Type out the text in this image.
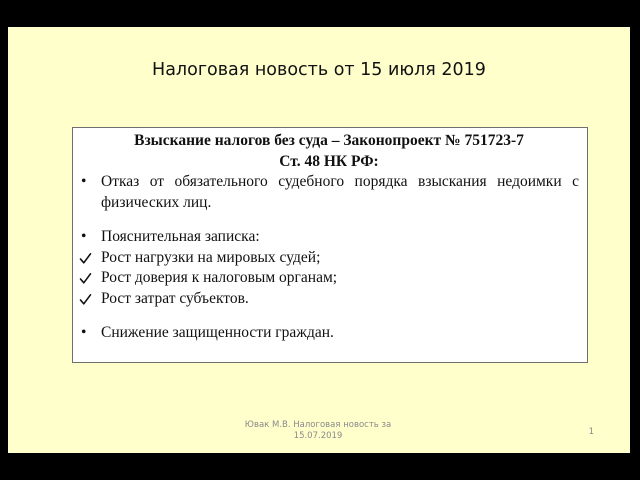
Налоговая новость от 15 июля 2019
Взыскание налогов без суда – Законопроект № 751723-7
Ст. 48 НК РФ:
• Отказ от обязательного судебного порядка взыскания недоимки с физических лиц.
• Пояснительная записка:
Рост нагрузки на мировых судей;
Рост доверия к налоговым органам;
Рост затрат субъектов.
• Снижение защищенности граждан.
Ювак М.В. Налоговая новость за 15.07.2019	1
